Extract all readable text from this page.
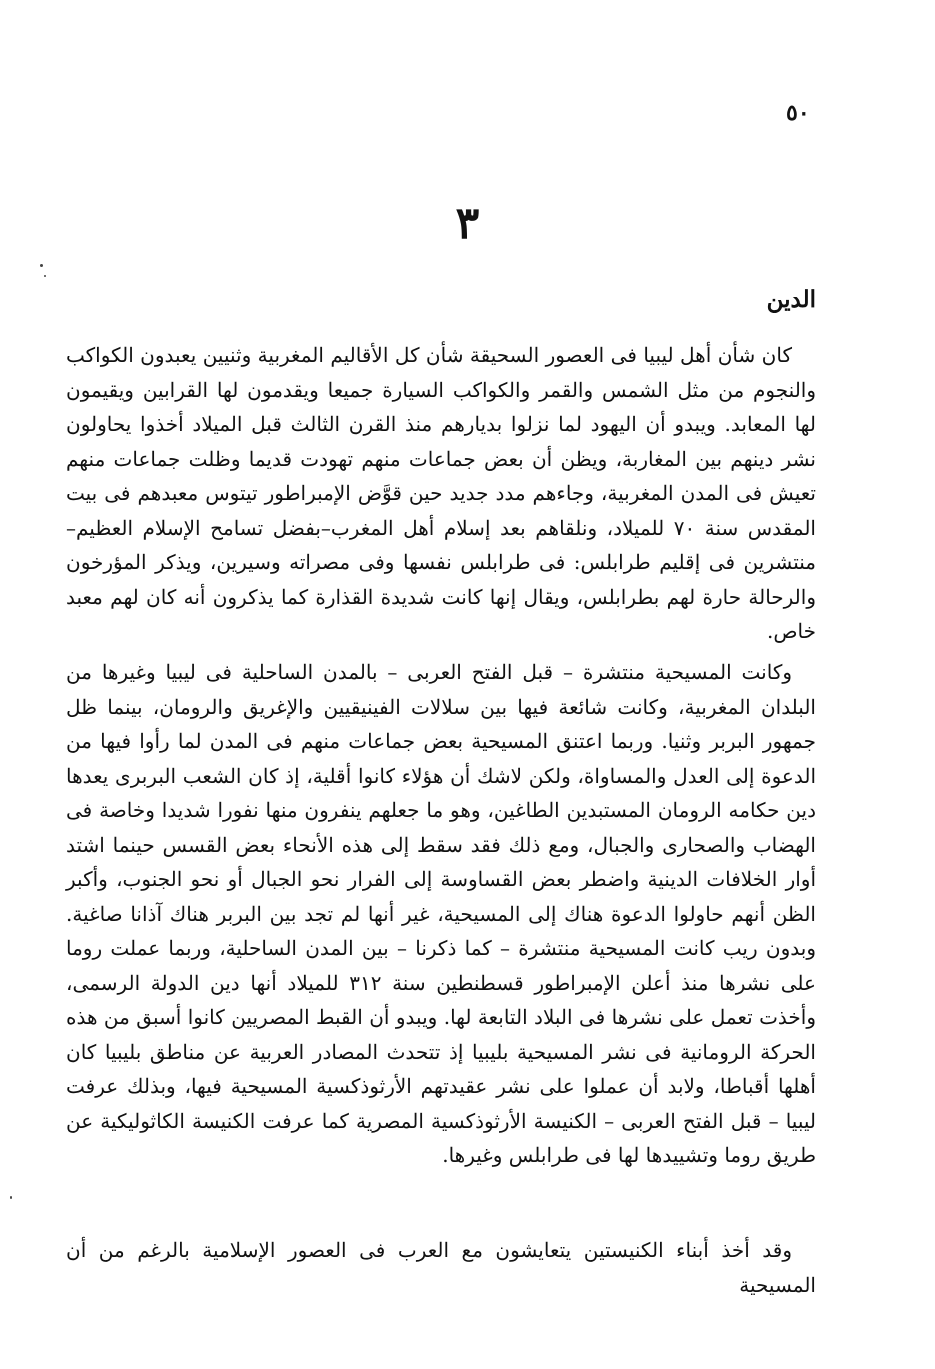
٥٠
٣
الدين

كان شأن أهل ليبيا فى العصور السحيقة شأن كل الأقاليم المغربية وثنيين يعبدون الكواكب والنجوم من مثل الشمس والقمر والكواكب السيارة جميعا ويقدمون لها القرابين ويقيمون لها المعابد. ويبدو أن اليهود لما نزلوا بديارهم منذ القرن الثالث قبل الميلاد أخذوا يحاولون نشر دينهم بين المغاربة، ويظن أن بعض جماعات منهم تهودت قديما وظلت جماعات منهم تعيش فى المدن المغربية، وجاءهم مدد جديد حين قوَّض الإمبراطور تيتوس معبدهم فى بيت المقدس سنة ٧٠ للميلاد، ونلقاهم بعد إسلام أهل المغرب–بفضل تسامح الإسلام العظيم–منتشرين فى إقليم طرابلس: فى طرابلس نفسها وفى مصراته وسيرين، ويذكر المؤرخون والرحالة حارة لهم بطرابلس، ويقال إنها كانت شديدة القذارة كما يذكرون أنه كان لهم معبد خاص.

وكانت المسيحية منتشرة – قبل الفتح العربى – بالمدن الساحلية فى ليبيا وغيرها من البلدان المغربية، وكانت شائعة فيها بين سلالات الفينيقيين والإغريق والرومان، بينما ظل جمهور البربر وثنيا. وربما اعتنق المسيحية بعض جماعات منهم فى المدن لما رأوا فيها من الدعوة إلى العدل والمساواة، ولكن لاشك أن هؤلاء كانوا أقلية، إذ كان الشعب البربرى يعدها دين حكامه الرومان المستبدين الطاغين، وهو ما جعلهم ينفرون منها نفورا شديدا وخاصة فى الهضاب والصحارى والجبال، ومع ذلك فقد سقط إلى هذه الأنحاء بعض القسس حينما اشتد أوار الخلافات الدينية واضطر بعض القساوسة إلى الفرار نحو الجبال أو نحو الجنوب، وأكبر الظن أنهم حاولوا الدعوة هناك إلى المسيحية، غير أنها لم تجد بين البربر هناك آذانا صاغية. وبدون ريب كانت المسيحية منتشرة – كما ذكرنا – بين المدن الساحلية، وربما عملت روما على نشرها منذ أعلن الإمبراطور قسطنطين سنة ٣١٢ للميلاد أنها دين الدولة الرسمى، وأخذت تعمل على نشرها فى البلاد التابعة لها. ويبدو أن القبط المصريين كانوا أسبق من هذه الحركة الرومانية فى نشر المسيحية بليبيا إذ تتحدث المصادر العربية عن مناطق بليبيا كان أهلها أقباطا، ولابد أن عملوا على نشر عقيدتهم الأرثوذكسية المسيحية فيها، وبذلك عرفت ليبيا – قبل الفتح العربى – الكنيسة الأرثوذكسية المصرية كما عرفت الكنيسة الكاثوليكية عن طريق روما وتشييدها لها فى طرابلس وغيرها.

وقد أخذ أبناء الكنيستين يتعايشون مع العرب فى العصور الإسلامية بالرغم من أن المسيحية
